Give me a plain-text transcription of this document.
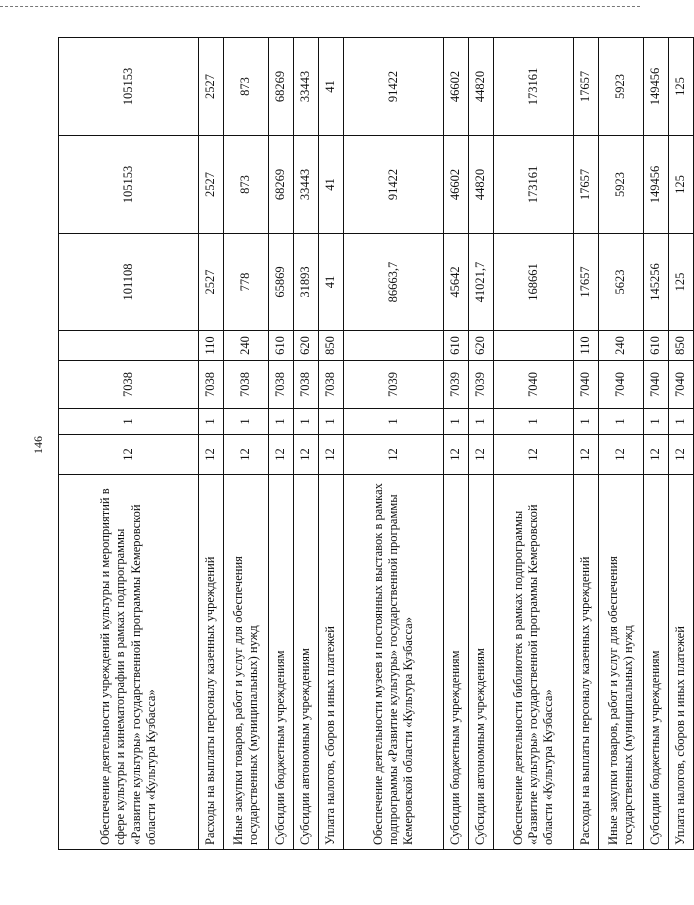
146
Обеспечение деятельности учреждений культуры и мероприятий в сфере культуры и кинематографии в рамках подпрограммы «Развитие культуры» государственной программы Кемеровской области «Культура Кузбасса»	12	1	7038		101108	105153	105153
Расходы на выплаты персоналу казенных учреждений	12	1	7038	110	2527	2527	2527
Иные закупки товаров, работ и услуг для обеспечения государственных (муниципальных) нужд	12	1	7038	240	778	873	873
Субсидии бюджетным учреждениям	12	1	7038	610	65869	68269	68269
Субсидии автономным учреждениям	12	1	7038	620	31893	33443	33443
Уплата налогов, сборов и иных платежей	12	1	7038	850	41	41	41
Обеспечение деятельности музеев и постоянных выставок в рамках подпрограммы «Развитие культуры» государственной программы Кемеровской области «Культура Кузбасса»	12	1	7039		86663,7	91422	91422
Субсидии бюджетным учреждениям	12	1	7039	610	45642	46602	46602
Субсидии автономным учреждениям	12	1	7039	620	41021,7	44820	44820
Обеспечение деятельности библиотек в рамках подпрограммы «Развитие культуры» государственной программы Кемеровской области «Культура Кузбасса»	12	1	7040		168661	173161	173161
Расходы на выплаты персоналу казенных учреждений	12	1	7040	110	17657	17657	17657
Иные закупки товаров, работ и услуг для обеспечения государственных (муниципальных) нужд	12	1	7040	240	5623	5923	5923
Субсидии бюджетным учреждениям	12	1	7040	610	145256	149456	149456
Уплата налогов, сборов и иных платежей	12	1	7040	850	125	125	125
